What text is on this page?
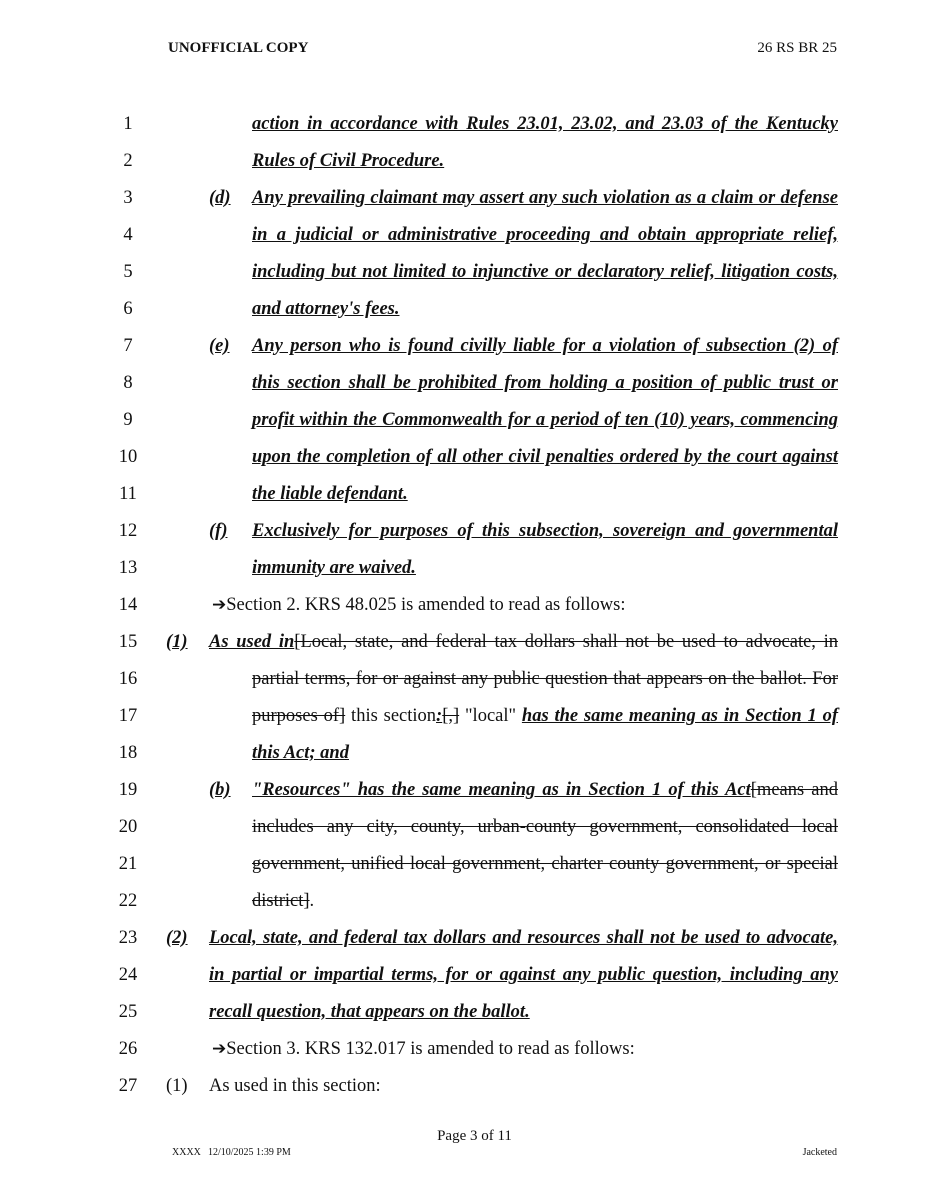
UNOFFICIAL COPY	26 RS BR 25
1	action in accordance with Rules 23.01, 23.02, and 23.03 of the Kentucky
2	Rules of Civil Procedure.
3	(d) Any prevailing claimant may assert any such violation as a claim or defense
4	in a judicial or administrative proceeding and obtain appropriate relief,
5	including but not limited to injunctive or declaratory relief, litigation costs,
6	and attorney's fees.
7	(e) Any person who is found civilly liable for a violation of subsection (2) of
8	this section shall be prohibited from holding a position of public trust or
9	profit within the Commonwealth for a period of ten (10) years, commencing
10	upon the completion of all other civil penalties ordered by the court against
11	the liable defendant.
12	(f) Exclusively for purposes of this subsection, sovereign and governmental
13	immunity are waived.
14	➔Section 2. KRS 48.025 is amended to read as follows:
15	(1) As used in[Local, state, and federal tax dollars shall not be used to advocate, in
16	partial terms, for or against any public question that appears on the ballot. For
17	purposes of] this section:[,] "local" has the same meaning as in Section 1 of
18	this Act; and
19	(b) "Resources" has the same meaning as in Section 1 of this Act[means and
20	includes any city, county, urban-county government, consolidated local
21	government, unified local government, charter county government, or special
22	district].
23	(2) Local, state, and federal tax dollars and resources shall not be used to advocate,
24	in partial or impartial terms, for or against any public question, including any
25	recall question, that appears on the ballot.
26	➔Section 3. KRS 132.017 is amended to read as follows:
27	(1) As used in this section:
Page 3 of 11
XXXX 12/10/2025 1:39 PM	Jacketed
